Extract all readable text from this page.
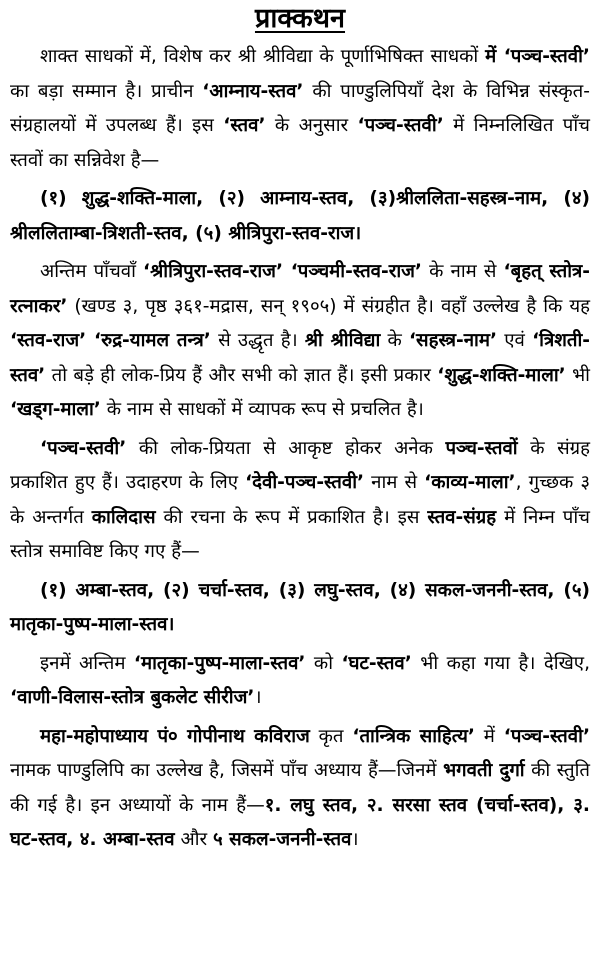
प्राक्कथन

शाक्त साधकों में, विशेष कर श्री श्रीविद्या के पूर्णाभिषिक्त साधकों में ‘पञ्च-स्तवी’ का बड़ा सम्मान है। प्राचीन ‘आम्नाय-स्तव’ की पाण्डुलिपियाँ देश के विभिन्न संस्कृत-संग्रहालयों में उपलब्ध हैं। इस ‘स्तव’ के अनुसार ‘पञ्च-स्तवी’ में निम्नलिखित पाँच स्तवों का सन्निवेश है—

(१) शुद्ध-शक्ति-माला, (२) आम्नाय-स्तव, (३)श्रीललिता-सहस्त्र-नाम, (४) श्रीललिताम्बा-त्रिशती-स्तव, (५) श्रीत्रिपुरा-स्तव-राज।

अन्तिम पाँचवाँ ‘श्रीत्रिपुरा-स्तव-राज’ ‘पञ्चमी-स्तव-राज’ के नाम से ‘बृहत् स्तोत्र-रत्नाकर’ (खण्ड ३, पृष्ठ ३६१-मद्रास, सन् १९०५) में संग्रहीत है। वहाँ उल्लेख है कि यह ‘स्तव-राज’ ‘रुद्र-यामल तन्त्र’ से उद्धृत है। श्री श्रीविद्या के ‘सहस्त्र-नाम’ एवं ‘त्रिशती-स्तव’ तो बड़े ही लोक-प्रिय हैं और सभी को ज्ञात हैं। इसी प्रकार ‘शुद्ध-शक्ति-माला’ भी ‘खड्ग-माला’ के नाम से साधकों में व्यापक रूप से प्रचलित है।

‘पञ्च-स्तवी’ की लोक-प्रियता से आकृष्ट होकर अनेक पञ्च-स्तवों के संग्रह प्रकाशित हुए हैं। उदाहरण के लिए ‘देवी-पञ्च-स्तवी’ नाम से ‘काव्य-माला’, गुच्छक ३ के अन्तर्गत कालिदास की रचना के रूप में प्रकाशित है। इस स्तव-संग्रह में निम्न पाँच स्तोत्र समाविष्ट किए गए हैं—

(१) अम्बा-स्तव, (२) चर्चा-स्तव, (३) लघु-स्तव, (४) सकल-जननी-स्तव, (५) मातृका-पुष्प-माला-स्तव।

इनमें अन्तिम ‘मातृका-पुष्प-माला-स्तव’ को ‘घट-स्तव’ भी कहा गया है। देखिए, ‘वाणी-विलास-स्तोत्र बुकलेट सीरीज’।

महा-महोपाध्याय पं० गोपीनाथ कविराज कृत ‘तान्त्रिक साहित्य’ में ‘पञ्च-स्तवी’ नामक पाण्डुलिपि का उल्लेख है, जिसमें पाँच अध्याय हैं—जिनमें भगवती दुर्गा की स्तुति की गई है। इन अध्यायों के नाम हैं—१. लघु स्तव, २. सरसा स्तव (चर्चा-स्तव), ३. घट-स्तव, ४. अम्बा-स्तव और ५ सकल-जननी-स्तव।
